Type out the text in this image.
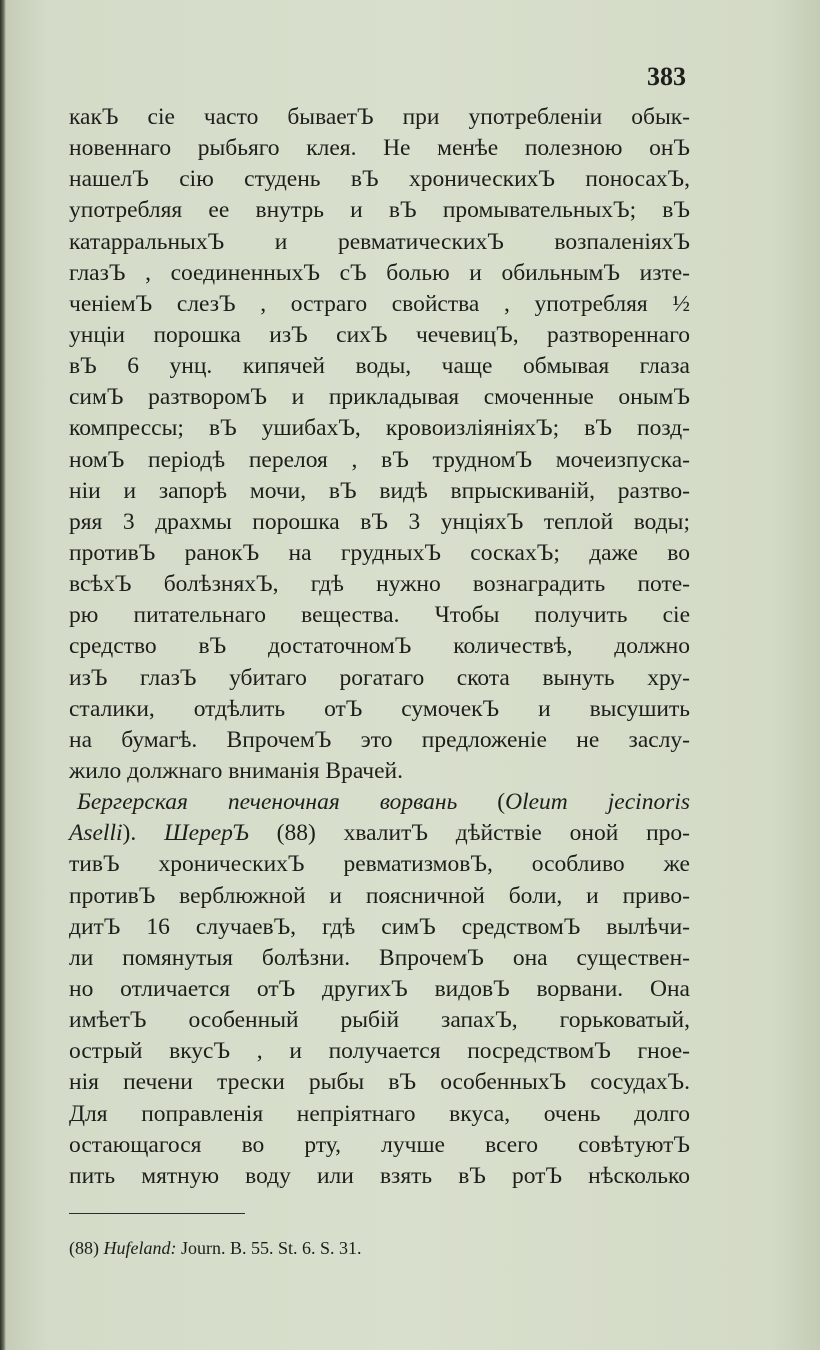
383
какЪ сіе часто бываетЪ при употребленіи обык-
новеннаго рыбьяго клея. Не менѣе полезною онЪ
нашелЪ сію студень вЪ хроническихЪ поносахЪ,
употребляя ее внутрь и вЪ промывательныхЪ; вЪ
катарральныхЪ и ревматическихЪ возпаленіяхЪ
глазЪ , соединенныхЪ сЪ болью и обильнымЪ изте-
ченіемЪ слезЪ , остраго свойства , употребляя ½
унціи порошка изЪ сихЪ чечевицЪ, разтвореннаго
вЪ 6 унц. кипячей воды, чаще обмывая глаза
симЪ разтворомЪ и прикладывая смоченные онымЪ
компрессы; вЪ ушибахЪ, кровоизліяніяхЪ; вЪ позд-
номЪ періодѣ перелоя , вЪ трудномЪ мочеизпуска-
ніи и запорѣ мочи, вЪ видѣ впрыскиваній, разтво-
ряя 3 драхмы порошка вЪ 3 унціяхЪ теплой воды;
противЪ ранокЪ на грудныхЪ соскахЪ; даже во
всѣхЪ болѣзняхЪ, гдѣ нужно вознаградить поте-
рю питательнаго вещества. Чтобы получить сіе
средство вЪ достаточномЪ количествѣ, должно
изЪ глазЪ убитаго рогатаго скота вынуть хру-
сталики, отдѣлить отЪ сумочекЪ и высушить
на бумагѣ. ВпрочемЪ это предложеніе не заслу-
жило должнаго вниманія Врачей.
Бергерская печеночная ворвань (Oleum jecinoris
Aselli). ШерерЪ (88) хвалитЪ дѣйствіе оной про-
тивЪ хроническихЪ ревматизмовЪ, особливо же
противЪ верблюжной и поясничной боли, и приво-
дитЪ 16 случаевЪ, гдѣ симЪ средствомЪ вылѣчи-
ли помянутыя болѣзни. ВпрочемЪ она существен-
но отличается отЪ другихЪ видовЪ ворвани. Она
имѣетЪ особенный рыбій запахЪ, горьковатый,
острый вкусЪ , и получается посредствомЪ гное-
нія печени трески рыбы вЪ особенныхЪ сосудахЪ.
Для поправленія непріятнаго вкуса, очень долго
остающагося во рту, лучше всего совѣтуютЪ
пить мятную воду или взять вЪ ротЪ нѣсколько
(88) Hufeland: Journ. B. 55. St. 6. S. 31.
